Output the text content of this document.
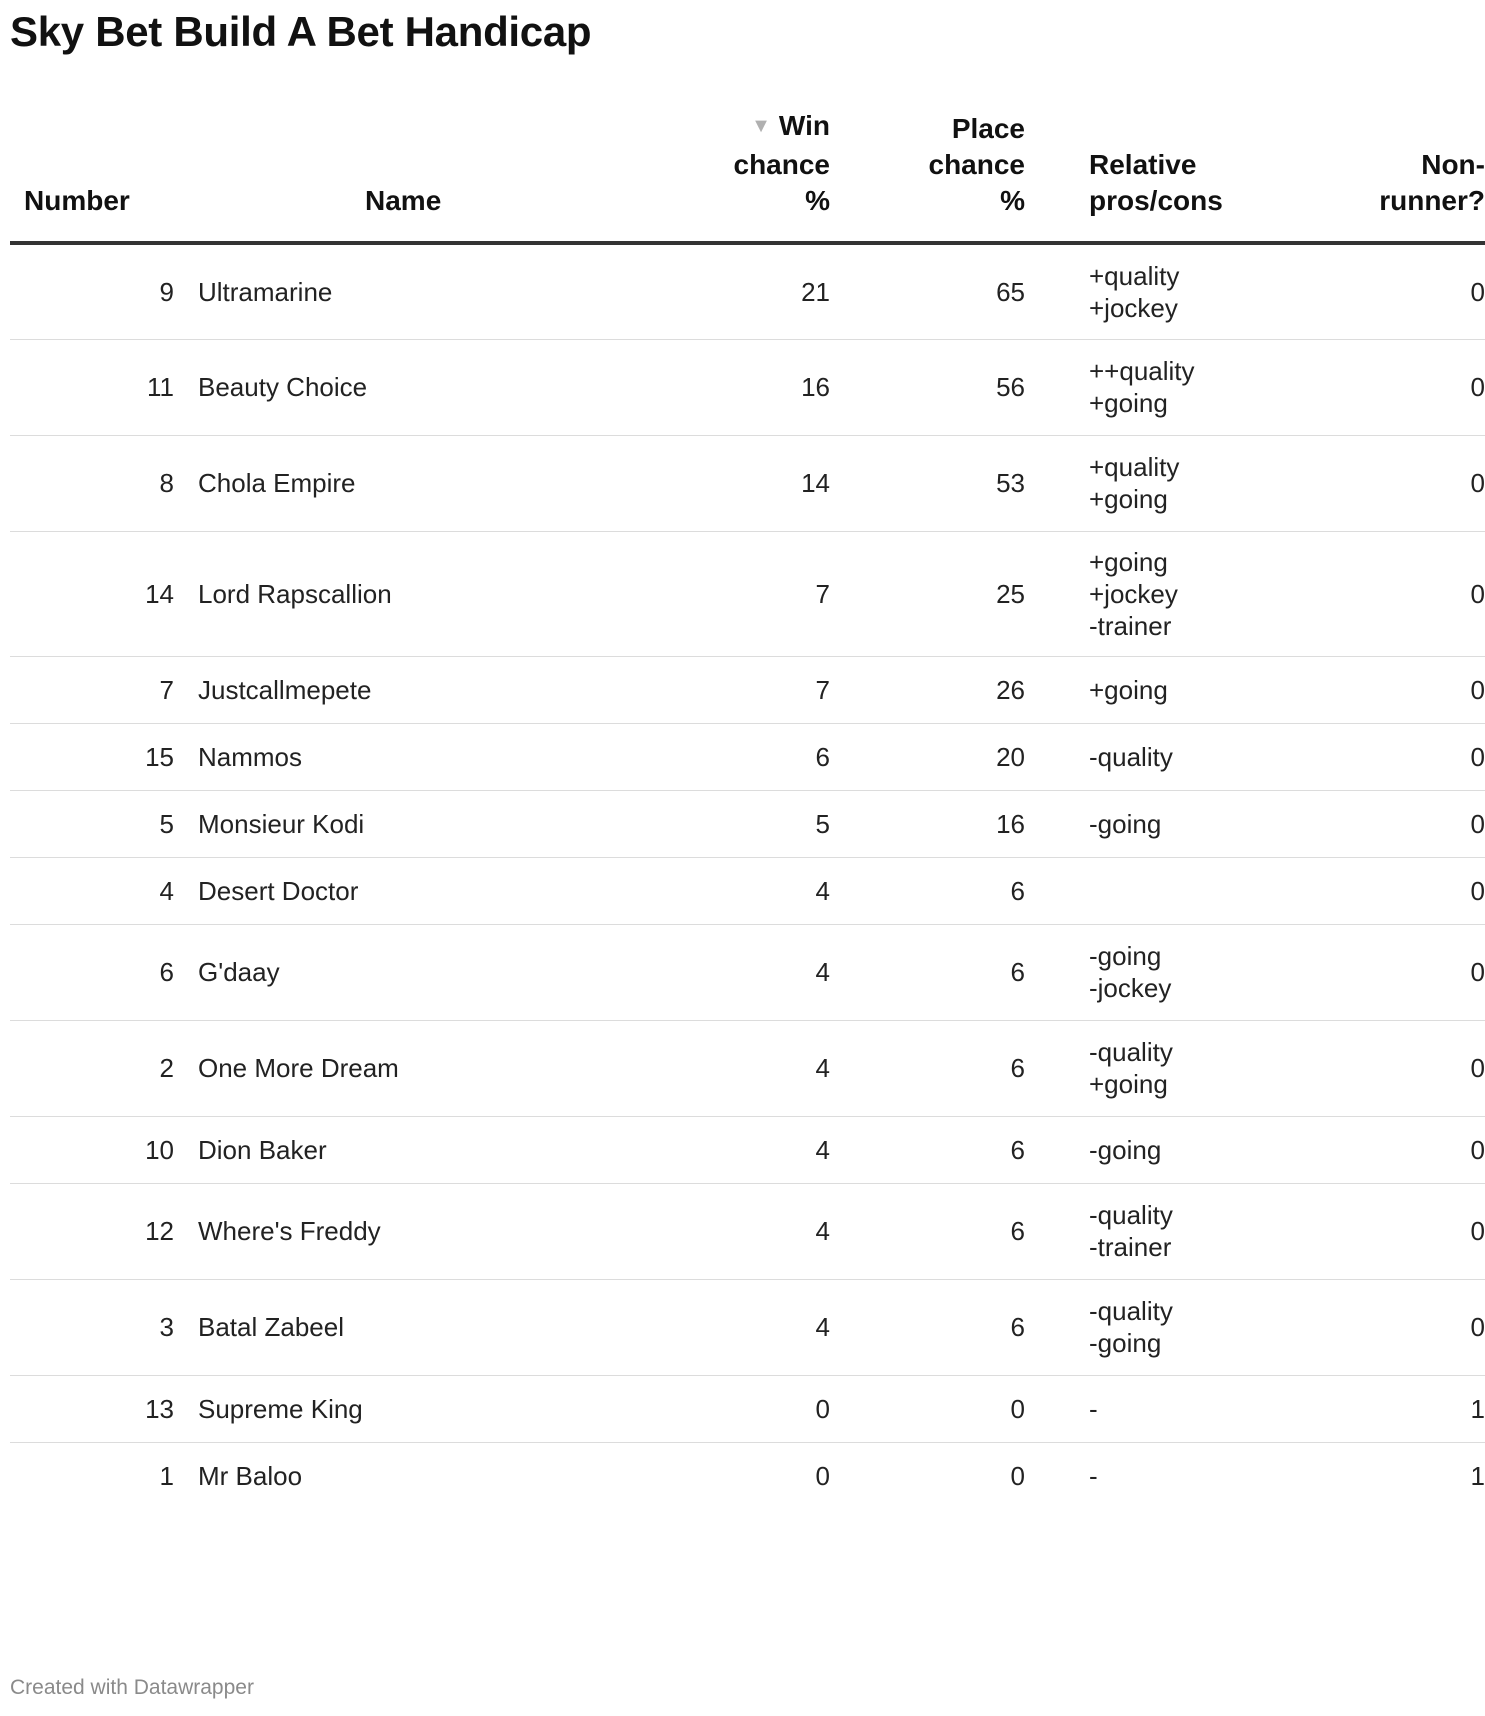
Sky Bet Build A Bet Handicap
Number	Name	▼ Win
chance
%	Place
chance
%	Relative
pros/cons	Non-
runner?
9	Ultramarine	21	65	+quality
+jockey	0
11	Beauty Choice	16	56	++quality
+going	0
8	Chola Empire	14	53	+quality
+going	0
14	Lord Rapscallion	7	25	+going
+jockey
-trainer	0
7	Justcallmepete	7	26	+going	0
15	Nammos	6	20	-quality	0
5	Monsieur Kodi	5	16	-going	0
4	Desert Doctor	4	6		0
6	G'daay	4	6	-going
-jockey	0
2	One More Dream	4	6	-quality
+going	0
10	Dion Baker	4	6	-going	0
12	Where's Freddy	4	6	-quality
-trainer	0
3	Batal Zabeel	4	6	-quality
-going	0
13	Supreme King	0	0	-	1
1	Mr Baloo	0	0	-	1
Created with Datawrapper
